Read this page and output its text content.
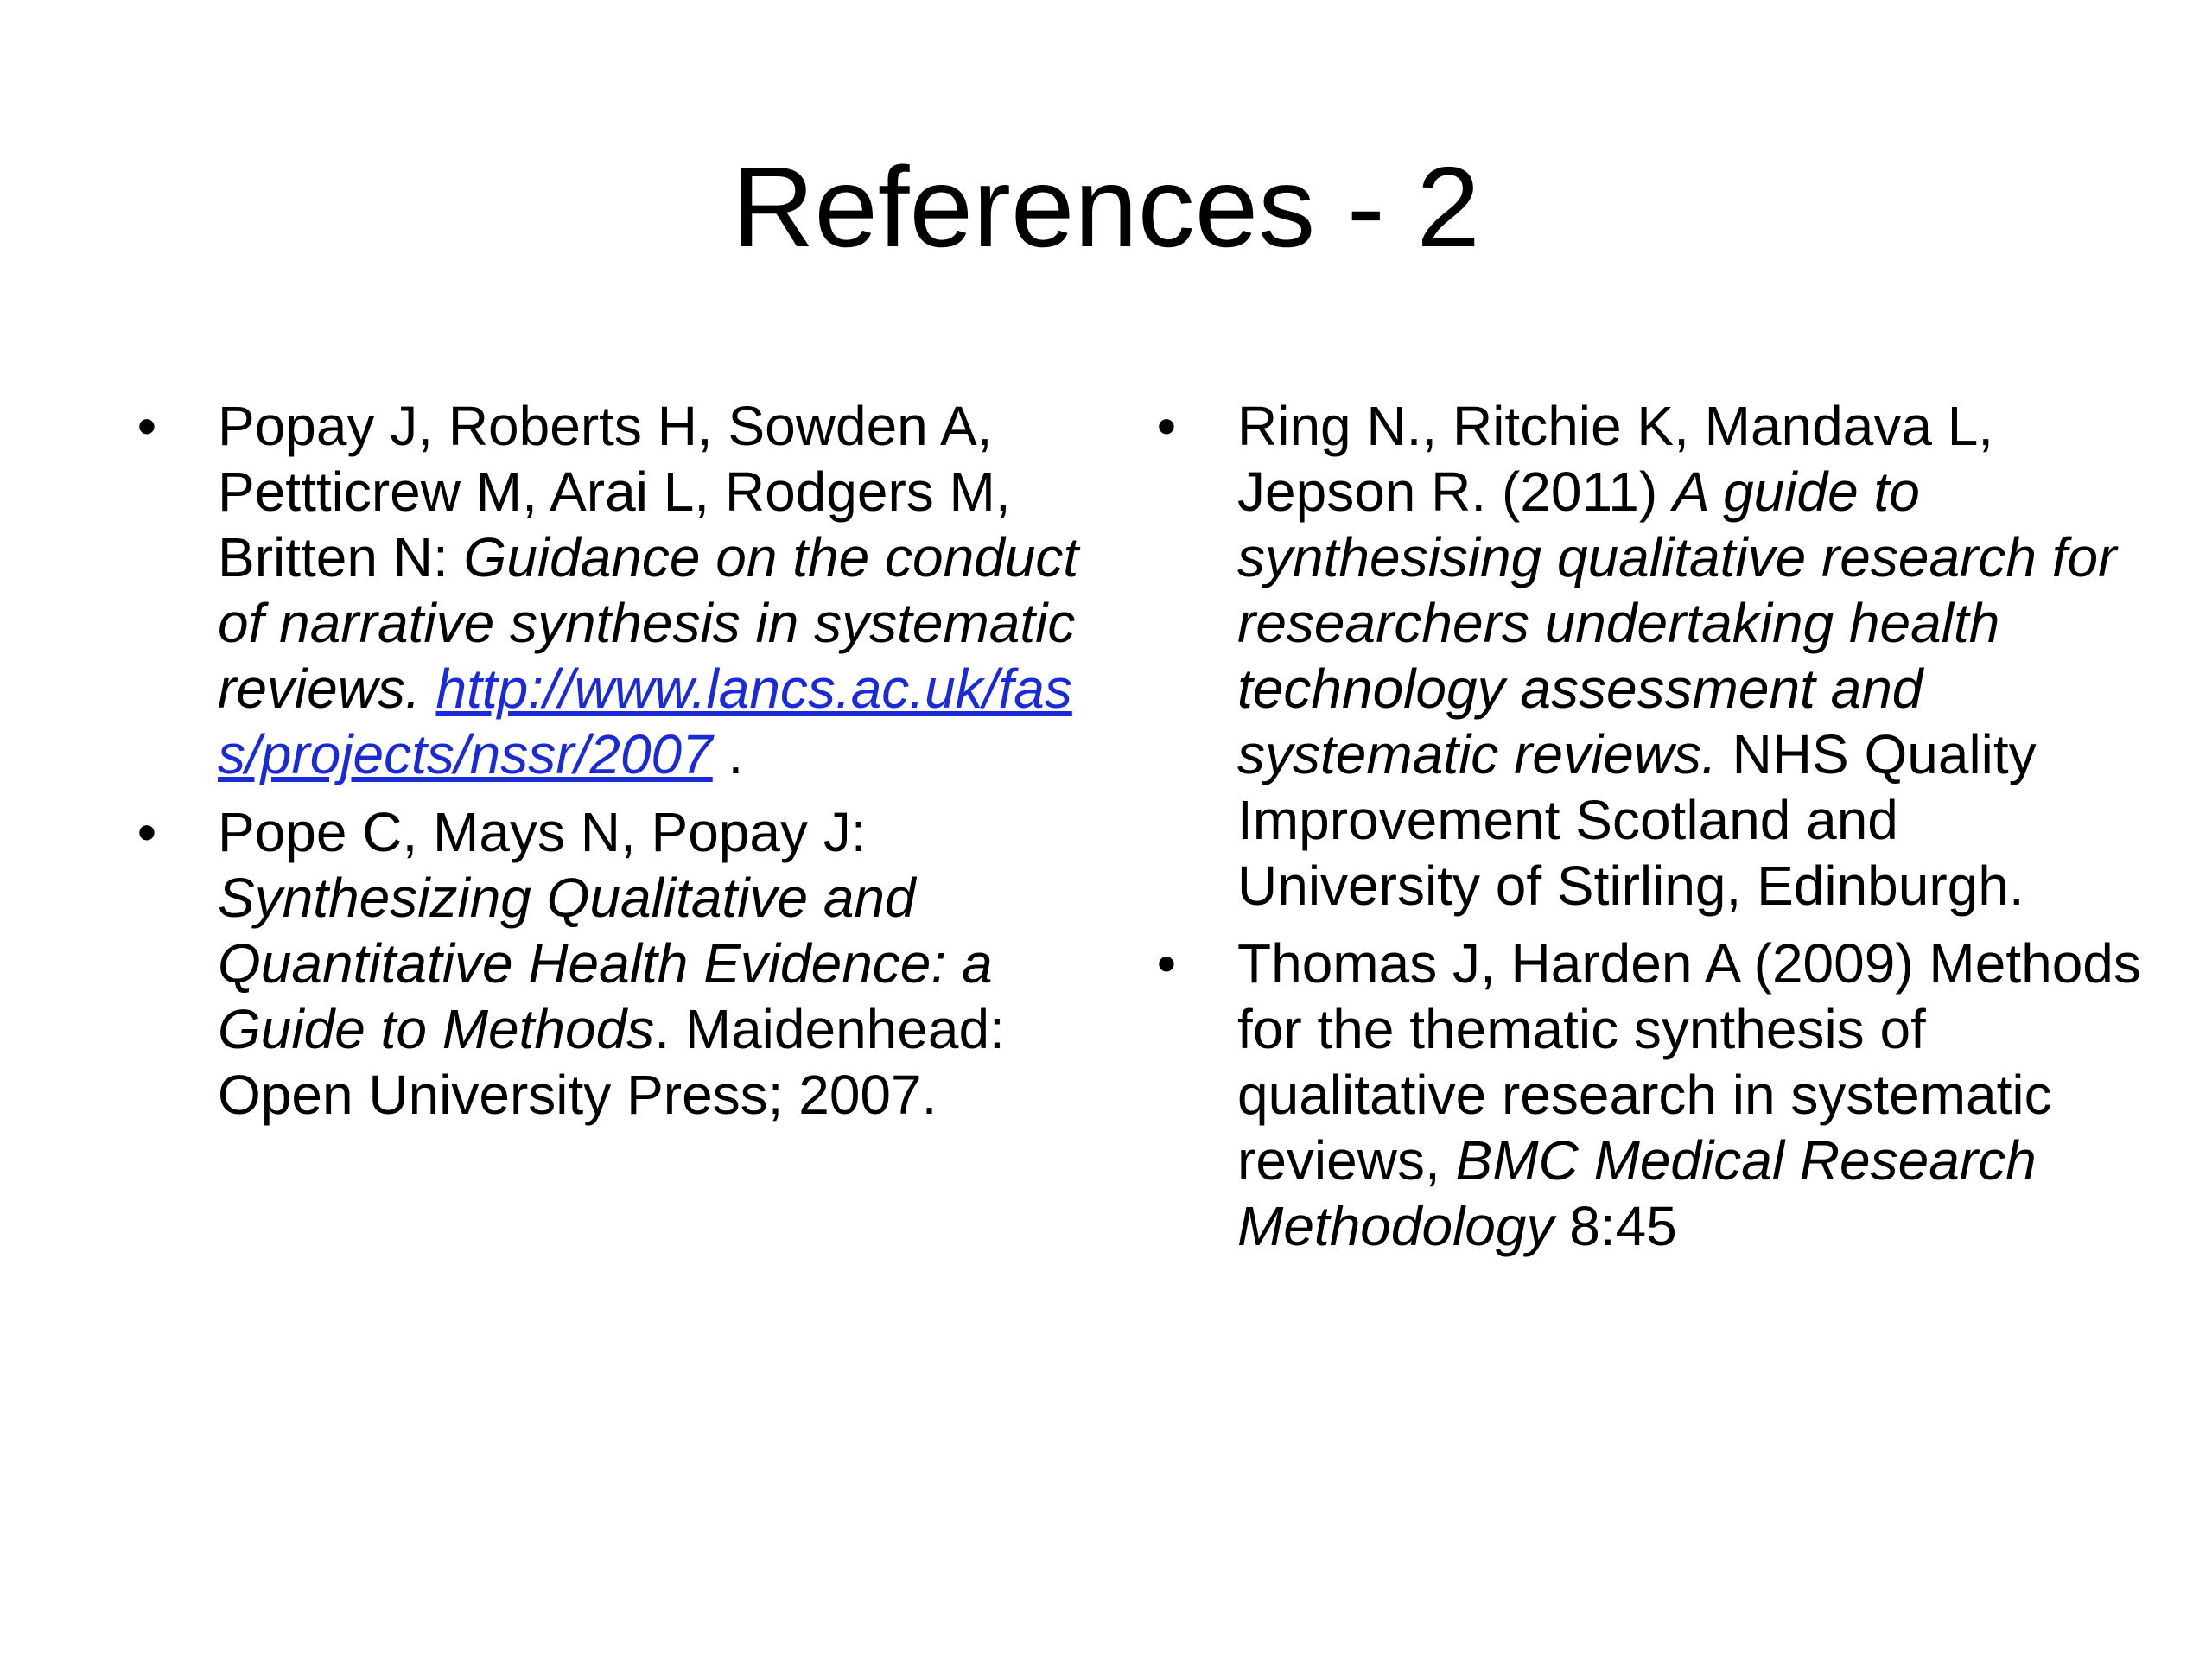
References - 2
• Popay J, Roberts H, Sowden A, Pettticrew M, Arai L, Rodgers M, Britten N: Guidance on the conduct of narrative synthesis in systematic reviews. http://www.lancs.ac.uk/fass/projects/nssr/2007 .
• Pope C, Mays N, Popay J: Synthesizing Qualitative and Quantitative Health Evidence: a Guide to Methods. Maidenhead: Open University Press; 2007.
• Ring N., Ritchie K, Mandava L, Jepson R. (2011) A guide to synthesising qualitative research for researchers undertaking health technology assessment and systematic reviews. NHS Quality Improvement Scotland and University of Stirling, Edinburgh.
• Thomas J, Harden A (2009) Methods for the thematic synthesis of qualitative research in systematic reviews, BMC Medical Research Methodology 8:45
